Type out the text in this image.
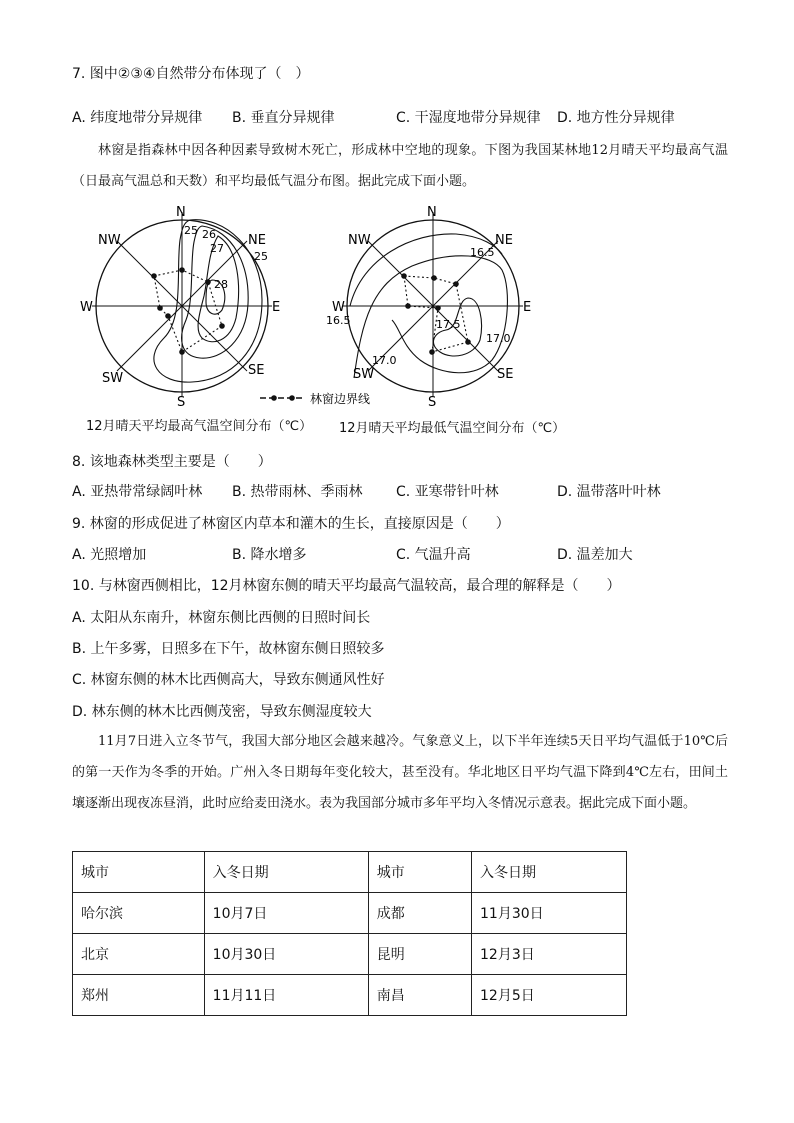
7. 图中②③④自然带分布体现了（　）
A. 纬度地带分异规律 B. 垂直分异规律	C. 干湿度地带分异规律 D. 地方性分异规律
林窗是指森林中因各种因素导致树木死亡，形成林中空地的现象。下图为我国某林地12月晴天平均最高气温（日最高气温总和天数）和平均最低气温分布图。据此完成下面小题。
25 26
27
28
25
N
NE
E
SE
S
SW
W
NW
16.5
16.5	17.5
17.0
17.0
N
NE
E
SE
S
SW
W
NW
林窗边界线
12月晴天平均最高气温空间分布（℃） 12月晴天平均最低气温空间分布（℃）
8. 该地森林类型主要是（　　）
A. 亚热带常绿阔叶林 B. 热带雨林、季雨林 C. 亚寒带针叶林	D. 温带落叶叶林
9. 林窗的形成促进了林窗区内草本和灌木的生长，直接原因是（　　）
A. 光照增加	B. 降水增多	C. 气温升高	D. 温差加大
10. 与林窗西侧相比，12月林窗东侧的晴天平均最高气温较高，最合理的解释是（　　）
A. 太阳从东南升，林窗东侧比西侧的日照时间长
B. 上午多雾，日照多在下午，故林窗东侧日照较多
C. 林窗东侧的林木比西侧高大，导致东侧通风性好
D. 林东侧的林木比西侧茂密，导致东侧湿度较大
11月7日进入立冬节气，我国大部分地区会越来越冷。气象意义上，以下半年连续5天日平均气温低于10℃后的第一天作为冬季的开始。广州入冬日期每年变化较大，甚至没有。华北地区日平均气温下降到4℃左右，田间土壤逐渐出现夜冻昼消，此时应给麦田浇水。表为我国部分城市多年平均入冬情况示意表。据此完成下面小题。
城市	入冬日期	城市	入冬日期
哈尔滨	10月7日	成都	11月30日
北京	10月30日	昆明	12月3日
郑州	11月11日	南昌	12月5日
